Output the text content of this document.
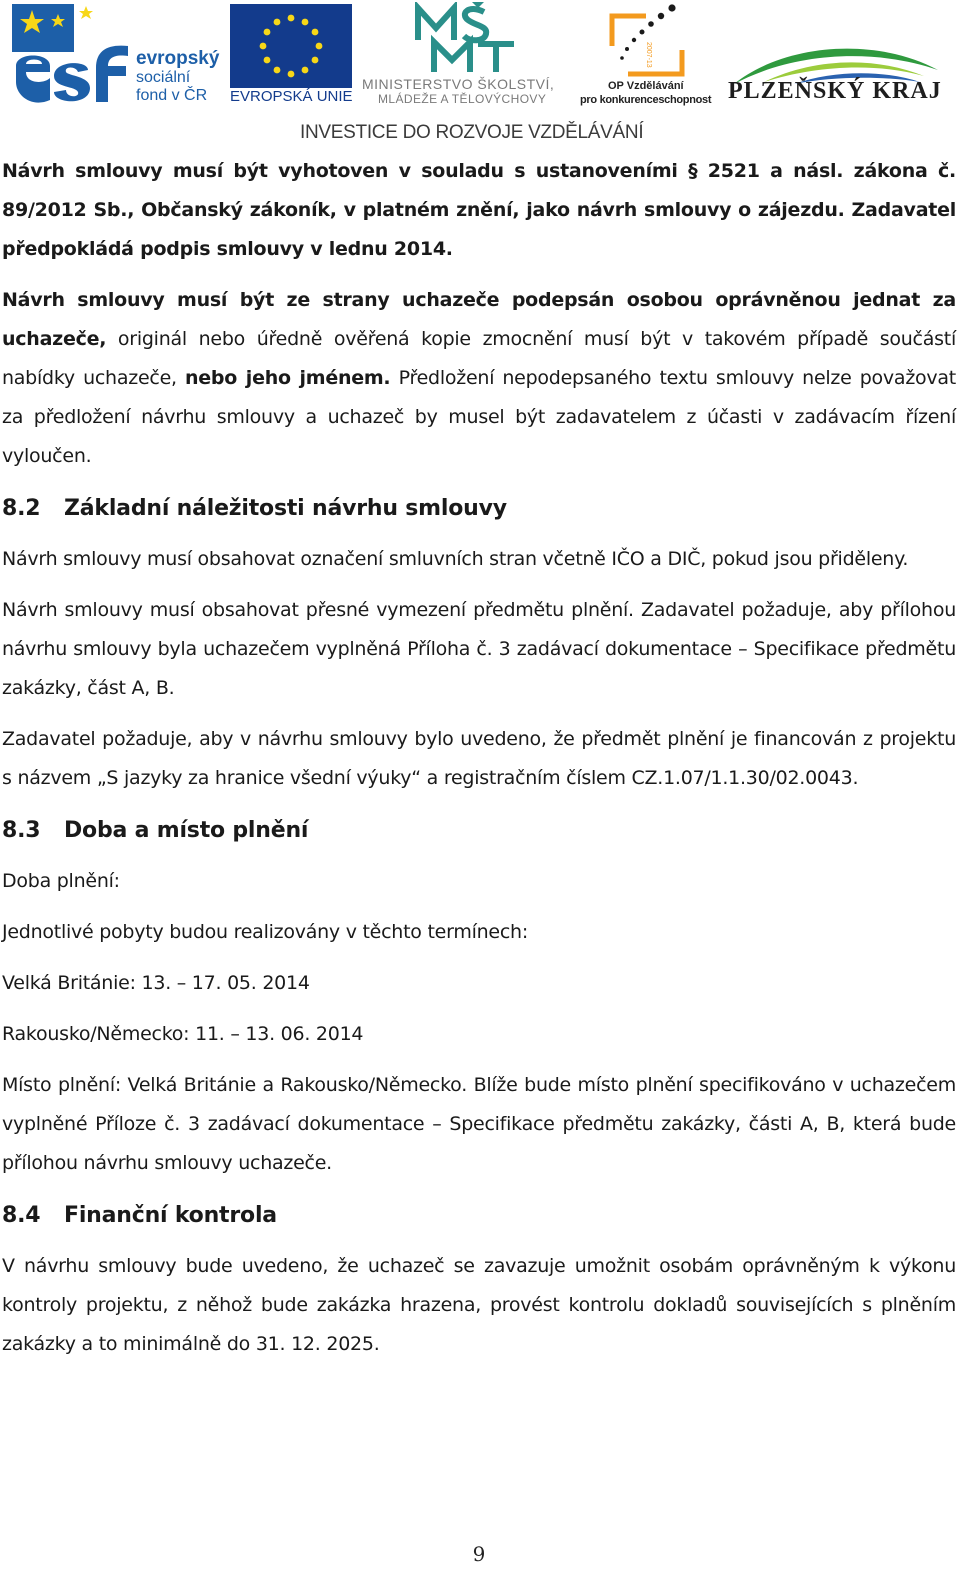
evropský
sociální
fond v ČR EVROPSKÁ UNIE
MINISTERSTVO ŠKOLSTVÍ,
MLÁDEŽE A TĚLOVÝCHOVY
2007-13
OP Vzdělávání
pro konkurenceschopnost PLZEŇSKÝ KRAJ
INVESTICE DO ROZVOJE VZDĚLÁVÁNÍ

Návrh smlouvy musí být vyhotoven v souladu s ustanoveními § 2521 a násl. zákona č. 89/2012 Sb., Občanský zákoník, v platném znění, jako návrh smlouvy o zájezdu. Zadavatel předpokládá podpis smlouvy v lednu 2014.

Návrh smlouvy musí být ze strany uchazeče podepsán osobou oprávněnou jednat za uchazeče, originál nebo úředně ověřená kopie zmocnění musí být v takovém případě součástí nabídky uchazeče, nebo jeho jménem. Předložení nepodepsaného textu smlouvy nelze považovat za předložení návrhu smlouvy a uchazeč by musel být zadavatelem z účasti v zadávacím řízení vyloučen.

8.2 Základní náležitosti návrhu smlouvy

Návrh smlouvy musí obsahovat označení smluvních stran včetně IČO a DIČ, pokud jsou přiděleny.

Návrh smlouvy musí obsahovat přesné vymezení předmětu plnění. Zadavatel požaduje, aby přílohou návrhu smlouvy byla uchazečem vyplněná Příloha č. 3 zadávací dokumentace – Specifikace předmětu zakázky, část A, B.

Zadavatel požaduje, aby v návrhu smlouvy bylo uvedeno, že předmět plnění je financován z projektu s názvem „S jazyky za hranice všední výuky“ a registračním číslem CZ.1.07/1.1.30/02.0043.

8.3 Doba a místo plnění

Doba plnění:

Jednotlivé pobyty budou realizovány v těchto termínech:

Velká Británie: 13. – 17. 05. 2014

Rakousko/Německo: 11. – 13. 06. 2014

Místo plnění: Velká Británie a Rakousko/Německo. Blíže bude místo plnění specifikováno v uchazečem vyplněné Příloze č. 3 zadávací dokumentace – Specifikace předmětu zakázky, části A, B, která bude přílohou návrhu smlouvy uchazeče.

8.4 Finanční kontrola

V návrhu smlouvy bude uvedeno, že uchazeč se zavazuje umožnit osobám oprávněným k výkonu kontroly projektu, z něhož bude zakázka hrazena, provést kontrolu dokladů souvisejících s plněním zakázky a to minimálně do 31. 12. 2025.

9
